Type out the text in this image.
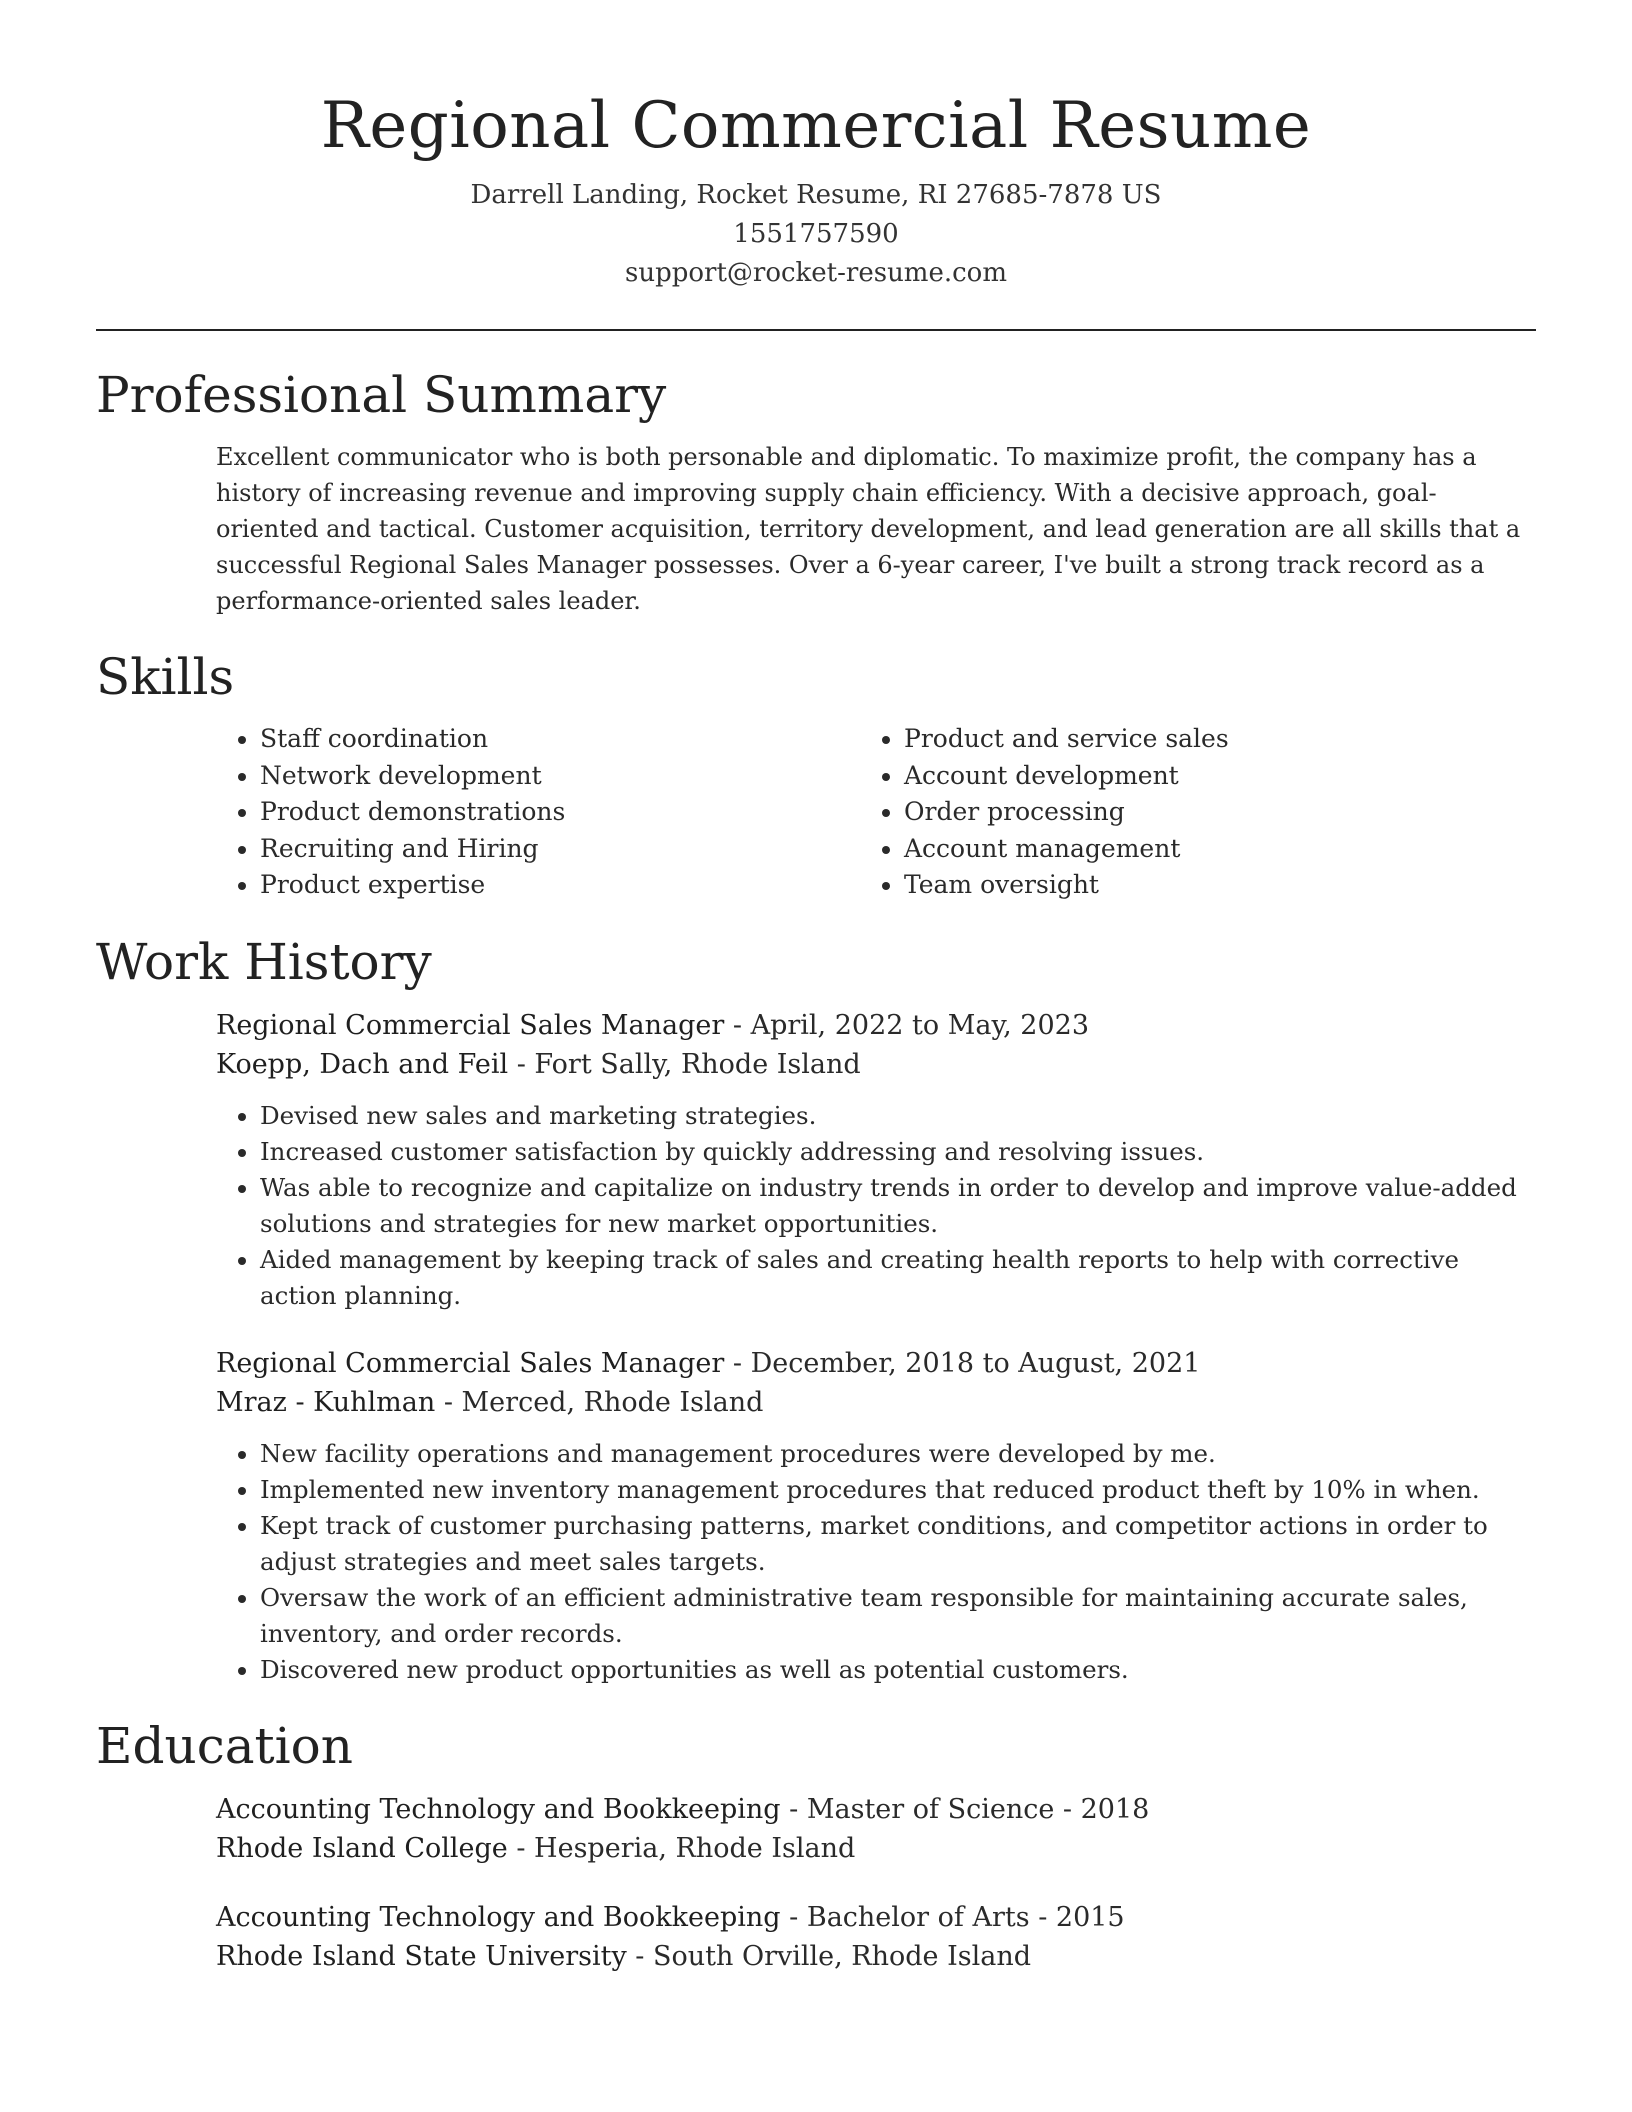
Regional Commercial Resume
Darrell Landing, Rocket Resume, RI 27685-7878 US
1551757590
support@rocket-resume.com
Professional Summary

Excellent communicator who is both personable and diplomatic. To maximize profit, the company has a history of increasing revenue and improving supply chain efficiency. With a decisive approach, goal-oriented and tactical. Customer acquisition, territory development, and lead generation are all skills that a successful Regional Sales Manager possesses. Over a 6-year career, I've built a strong track record as a performance-oriented sales leader.

Skills
• Staff coordination
• Network development
• Product demonstrations
• Recruiting and Hiring
• Product expertise
• Product and service sales
• Account development
• Order processing
• Account management
• Team oversight
Work History
Regional Commercial Sales Manager - April, 2022 to May, 2023
Koepp, Dach and Feil - Fort Sally, Rhode Island
• Devised new sales and marketing strategies.
• Increased customer satisfaction by quickly addressing and resolving issues.
• Was able to recognize and capitalize on industry trends in order to develop and improve value-added solutions and strategies for new market opportunities.
• Aided management by keeping track of sales and creating health reports to help with corrective action planning.
Regional Commercial Sales Manager - December, 2018 to August, 2021
Mraz - Kuhlman - Merced, Rhode Island
• New facility operations and management procedures were developed by me.
• Implemented new inventory management procedures that reduced product theft by 10% in when.
• Kept track of customer purchasing patterns, market conditions, and competitor actions in order to adjust strategies and meet sales targets.
• Oversaw the work of an efficient administrative team responsible for maintaining accurate sales, inventory, and order records.
• Discovered new product opportunities as well as potential customers.
Education
Accounting Technology and Bookkeeping - Master of Science - 2018
Rhode Island College - Hesperia, Rhode Island
Accounting Technology and Bookkeeping - Bachelor of Arts - 2015
Rhode Island State University - South Orville, Rhode Island
